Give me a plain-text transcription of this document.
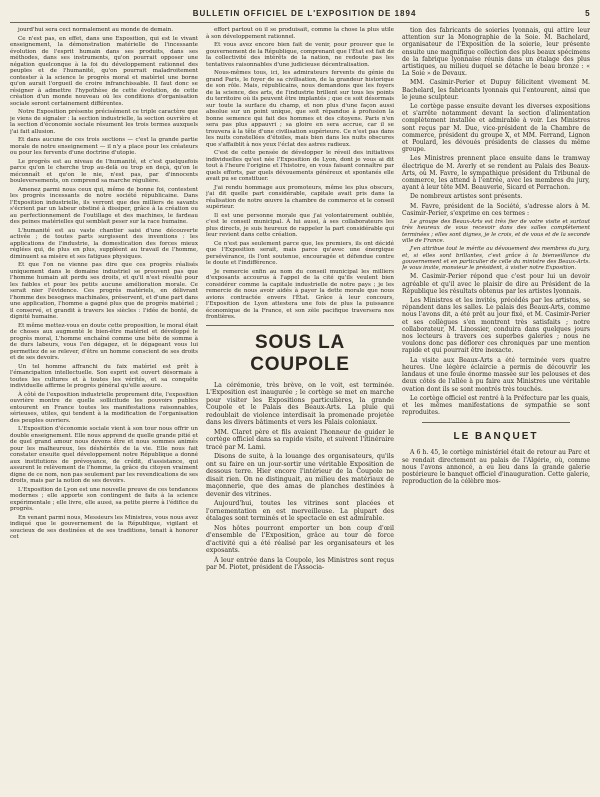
BULLETIN OFFICIEL DE L'EXPOSITION DE 1894	5

jourd'hui sera ceci normalement au monde de demain.

Ce n'est pas, en effet, dans une Exposition, qui est le vivant enseignement, la démonstration matérielle de l'incessante évolution de l'esprit humain dans ses produits, dans ses méthodes, dans ses instruments, qu'on pourrait opposer une négation quelconque à la foi du développement rationnel des peuples et de l'humanité, qu'on pourrait maladroitement contester à la science le progrès moral et matériel une borne qu'on aurait l'orgueil de croire infranchissable. Il faut donc se résigner à admettre l'hypothèse de cette évolution, de cette création d'un monde nouveau où les conditions d'organisation sociale seront certainement différentes.

Notre Exposition présente précisément ce triple caractère que je viens de signaler : la section industrielle, la section ouvrière et la section d'économie sociale résument les trois termes auxquels j'ai fait allusion.

Et dans aucune de ces trois sections — c'est la grande partie morale de notre enseignement — il n'y a place pour les créateurs ou pour les fervents d'une doctrine d'utopie.

Le progrès est au niveau de l'humanité, et c'est quelquefois parce qu'on le cherche trop au-delà ou trop en deçà, qu'on le méconnaît et qu'on le nie, n'est pas, par d'innocents bouleversements, on comprend sa marche régulière.

Amenez parmi nous ceux qui, même de bonne foi, contestent les progrès incessants de notre société républicaine. Dans l'Exposition industrielle, ils verront que des milliers de savants s'écrient par un labeur obstiné à dissiper, grâce à la création ou au perfectionnement de l'outillage et des machines, le fardeau des peines matérielles qui semblait peser sur la race humaine.

L'humanité est au vaste chantier saisi d'une découverte activée ; de toutes parts surgissent des inventions : les applications de l'industrie, la domestication des forces mieux réglées qui, de plus en plus, suppléent au travail de l'homme, diminuent sa misère et ses fatigues physiques.

Et que l'on ne vienne pas dire que ces progrès réalisés uniquement dans le domaine industriel se prouvent pas que l'homme humain ait perdu ses droits, et qu'il n'est résulté pour les faibles et pour les petits aucune amélioration morale. Ce serait nier l'évidence. Ces progrès matériels, en délivrant l'homme des besognes machinales, préservent, et d'une part dans une application, l'homme a gagné plus que de progrès matériel ; il conservé, et grandit à travers les siècles : l'idée de bonté, de dignité humaine.

Et même mettez-vous en doute cette proposition, le moral était de choses aux augmenté le bien-être matériel et développé le progrès moral, L'homme enchaîné comme une bête de somme à de durs labeurs, vous l'en dégagez, et le dégageant vous lui permettez de se relever, d'être un homme conscient de ses droits et de ses devoirs.

Un tel homme affranchi du faix matériel est prêt à l'émancipation intellectuelle. Son esprit est ouvert désormais à toutes les cultures et à toutes les vérités, et sa conquête individuelle affirme le progrès général qu'elle assure.

À côté de l'exposition industrielle proprement dite, l'exposition ouvrière montre de quelle sollicitude les pouvoirs publics entourent en France toutes les manifestations raisonnables, sérieuses, utiles, qui tendent à la modification de l'organisation des peuples ouvriers.

L'Exposition d'économie sociale vient à son tour nous offrir un double enseignement. Elle nous apprend de quelle grande pitié et de quel grand amour nous devons être et nous sommes animés pour les malheureux, les déshérités de la vie. Elle nous fait constater ensuite quel développement notre République a donné aux institutions de prévoyance, de crédit, d'assistance, qui assurent le relèvement de l'homme, la grâce du citoyen vraiment digne de ce nom, non pas seulement par les revendications de ses droits, mais par la notion de ses devoirs.

L'Exposition de Lyon est une nouvelle preuve de ces tendances modernes ; elle apporte son contingent de faits à la science expérimentale ; elle livre, elle aussi, sa petite pierre à l'édifice du progrès.

En venant parmi nous, Messieurs les Ministres, vous nous avez indiqué que le gouvernement de la République, vigilant et soucieux de ses destinées et de ses traditions, tenait à honorer cet

effort partout où il se produisait, comme la chose la plus utile à son développement rationnel.

Et vous avez encore bien fait de venir, pour prouver que le gouvernement de la République, comprenant que l'État est fait de la collectivité des intérêts de la nation, ne redoute pas les tentatives raisonnables d'une judicieuse décentralisation.

Nous-mêmes tous, ici, les admirateurs fervents du génie du grand Paris, le foyer de sa civilisation, de la grandeur historique de son rôle. Mais, républicains, nous demandons que les foyers de la science, des arts, de l'industrie brillent sur tous les points du territoire où ils peuvent être implantés ; que ce soit désormais sur toute la surface du champ, et non plus d'une façon aussi absolue sur un point unique, que soit répandue à profusion la bonne semence qui fait des hommes et des citoyens. Paris n'en sera pas plus appauvri ; sa gloire en sera accrue, car il se trouvera à la tête d'une civilisation supérieure. Ce n'est pas dans les nuits constellées d'étoiles, mais bien dans les nuits obscures que s'affaiblit à nos yeux l'éclat des astres radieux.

C'est de cette pensée de développer le réveil des initiatives individuelles qu'est née l'Exposition de Lyon, dont je vous ai dit tout à l'heure l'origine et l'histoire, en vous faisant connaître par quels efforts, par quels dévouements généreux et spontanés elle avait pu se constituer.

J'ai rendu hommage aux promoteurs, même les plus obscurs, j'ai dit quelle part considérable, capitale avait pris dans la réalisation de notre œuvre la chambre de commerce et le conseil supérieur.

Il est une personne morale que j'ai volontairement oubliée, c'est le conseil municipal. À lui aussi, à ses collaborateurs les plus directs, je suis heureux de rappeler la part considérable qui leur revient dans cette création.

Ce n'est pas seulement parce que, les premiers, ils ont décidé que l'Exposition serait, mais parce qu'avec une énergique persévérance, ils l'ont soutenue, encouragée et défendue contre le doute et l'indifférence.

Je remercie enfin au nom du conseil municipal les milliers d'exposants accourus à l'appel de la cité qu'ils veulent bien considérer comme la capitale industrielle de notre pays ; je les remercie de nous avoir aidés à payer la dette morale que nous avions contractée envers l'État. Grâce à leur concours, l'Exposition de Lyon attestera une fois de plus la puissance économique de la France, et son zèle pacifique traversera nos frontières.

SOUS LA COUPOLE

La cérémonie, très brève, on le voit, est terminée. L'Exposition est inaugurée ; le cortège se met en marche pour visiter les Expositions particulières, la grande Coupole et le Palais des Beaux-Arts. La pluie qui redoublait de violence interdisait la promenade projetée dans les divers bâtiments et vers les Palais coloniaux.

MM. Claret père et fils avaient l'honneur de guider le cortège officiel dans sa rapide visite, et suivent l'itinéraire tracé par M. Lami.

Disons de suite, à la louange des organisateurs, qu'ils ont su faire en un jour-sortir une véritable Exposition de dessous terre. Hier encore l'intérieur de la Coupole ne disait rien. On ne distinguait, au milieu des matériaux de maçonnerie, que des amas de planches destinées à devenir des vitrines.

Aujourd'hui, toutes les vitrines sont placées et l'ornementation en est merveilleuse. La plupart des étalages sont terminés et le spectacle en est admirable.

Nos hôtes pourront emporter un bon coup d'œil d'ensemble de l'Exposition, grâce au tour de force d'activité qui a été réalisé par les organisateurs et les exposants.

À leur entrée dans la Coupole, les Ministres sont reçus par M. Piotet, président de l'Associa-

tion des fabricants de soieries lyonnais, qui attire leur attention sur la Monographie de la Soie. M. Bachelard, organisateur de l'Exposition de la soierie, leur présente ensuite une magnifique collection des plus beaux spécimens de la fabrique lyonnaise réunis dans un étalage des plus artistiques, au milieu duquel se détache le beau bronze : « La Soie » de Devaux.

MM. Casimir-Perier et Dupuy félicitent vivement M. Bachelard, les fabricants lyonnais qui l'entourent, ainsi que le jeune sculpteur.

Le cortège passe ensuite devant les diverses expositions et s'arrête notamment devant la section d'alimentation complètement installée et admirable à voir. Les Ministres sont reçus par M. Due, vice-président de la Chambre de commerce, président du groupe X, et MM. Ferrand, Lignon et Poulard, les dévoués présidents de classes du même groupe.

Les Ministres prennent place ensuite dans le tramway électrique de M. Averly et se rendent au Palais des Beaux-Arts, où M. Favre, le sympathique président du Tribunal de commerce, les attend à l'entrée, avec les membres du jury, ayant à leur tête MM. Beauverie, Sicard et Perrachon.

De nombreux artistes sont présents.

M. Favre, président de la Société, s'adresse alors à M. Casimir-Perier, s'exprime en ces termes :

Le groupe des Beaux-Arts est très fier de votre visite et surtout très heureux de vous recevoir dans des salles complètement terminées ; elles sont dignes, je le crois, et de vous et de la seconde ville de France.

J'en attribue tout le mérite au dévouement des membres du jury, et, si elles sont brillantes, c'est grâce à la bienveillance du gouvernement et en particulier de celle du ministre des Beaux-Arts. Je vous invite, monsieur le président, à visiter notre Exposition.

M. Casimir-Perier répond que c'est pour lui un devoir agréable et qu'il avec le plaisir de dire au Président de la République les résultats obtenus par les artistes lyonnais.

Les Ministres et les invités, précédés par les artistes, se répandent dans les salles. Le palais des Beaux-Arts, comme nous l'avons dit, a été prêt au jour fixé, et M. Casimir-Perier et ses collègues s'en montrent très satisfaits ; notre collaborateur, M. Linossier, conduira dans quelques jours nos lecteurs à travers ces superbes galeries ; nous ne voulons donc pas déflorer ces chroniques par une mention rapide et qui pourrait être inexacte.

La visite aux Beaux-Arts a été terminée vers quatre heures. Une légère éclaircie a permis de découvrir les landaus et une foule énorme massée sur les pelouses et des deux côtés de l'allée à pu faire aux Ministres une véritable ovation dont ils se sont montrés très touchés.

Le cortège officiel est rentré à la Préfecture par les quais, et les mêmes manifestations de sympathie se sont reproduites.

LE BANQUET

A 6 h. 45, le cortège ministériel était de retour au Parc et se rendait directement au palais de l'Algérie, où, comme nous l'avons annoncé, a eu lieu dans la grande galerie postérieure le banquet officiel d'inauguration. Cette galerie, reproduction de la célèbre mos-
